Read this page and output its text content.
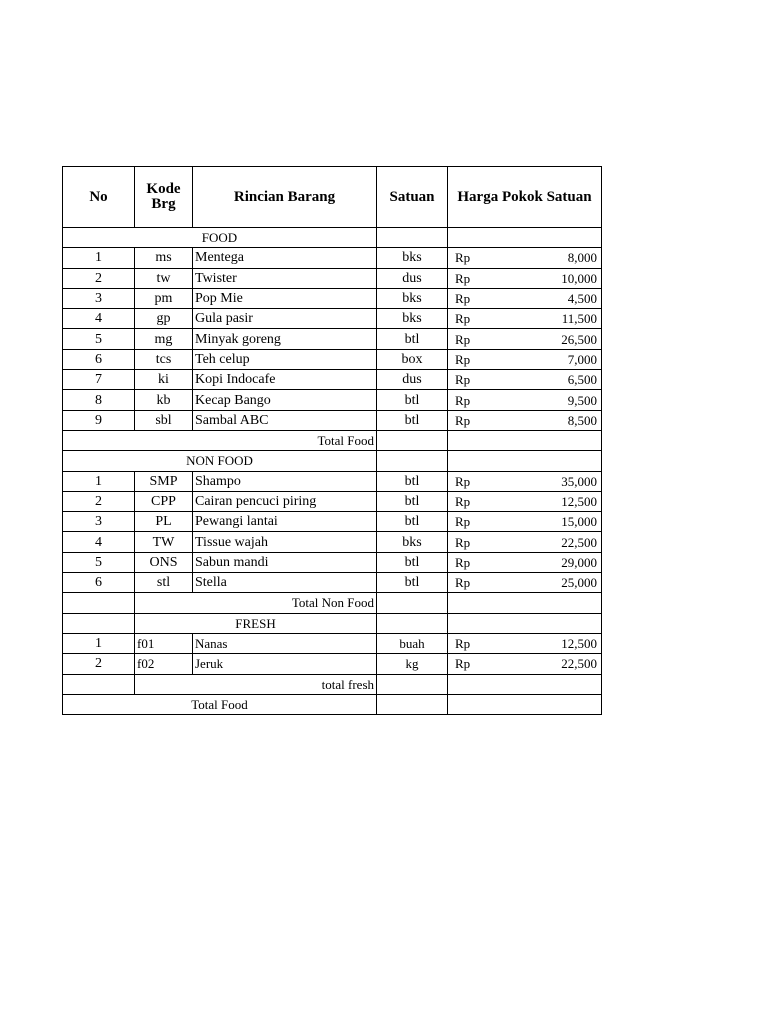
No	Kode Brg	Rincian Barang	Satuan	Harga Pokok Satuan
FOOD				
1	ms	Mentega	bks	Rp 8,000

2	tw	Twister	dus	Rp 10,000

3	pm	Pop Mie	bks	Rp 4,500

4	gp	Gula pasir	bks	Rp 11,500

5	mg	Minyak goreng	btl	Rp 26,500

6	tcs	Teh celup	box	Rp 7,000

7	ki	Kopi Indocafe	dus	Rp 6,500

8	kb	Kecap Bango	btl	Rp 9,500

9	sbl	Sambal ABC	btl	Rp 8,500

Total Food				
NON FOOD				
1	SMP	Shampo	btl	Rp 35,000

2	CPP	Cairan pencuci piring	btl	Rp 12,500

3	PL	Pewangi lantai	btl	Rp 15,000

4	TW	Tissue wajah	bks	Rp 22,500

5	ONS	Sabun mandi	btl	Rp 29,000

6	stl	Stella	btl	Rp 25,000

	Total Non Food			
	FRESH			
1	f01	Nanas	buah	Rp 12,500

2	f02	Jeruk	kg	Rp 22,500

	total fresh			
Total Food				
